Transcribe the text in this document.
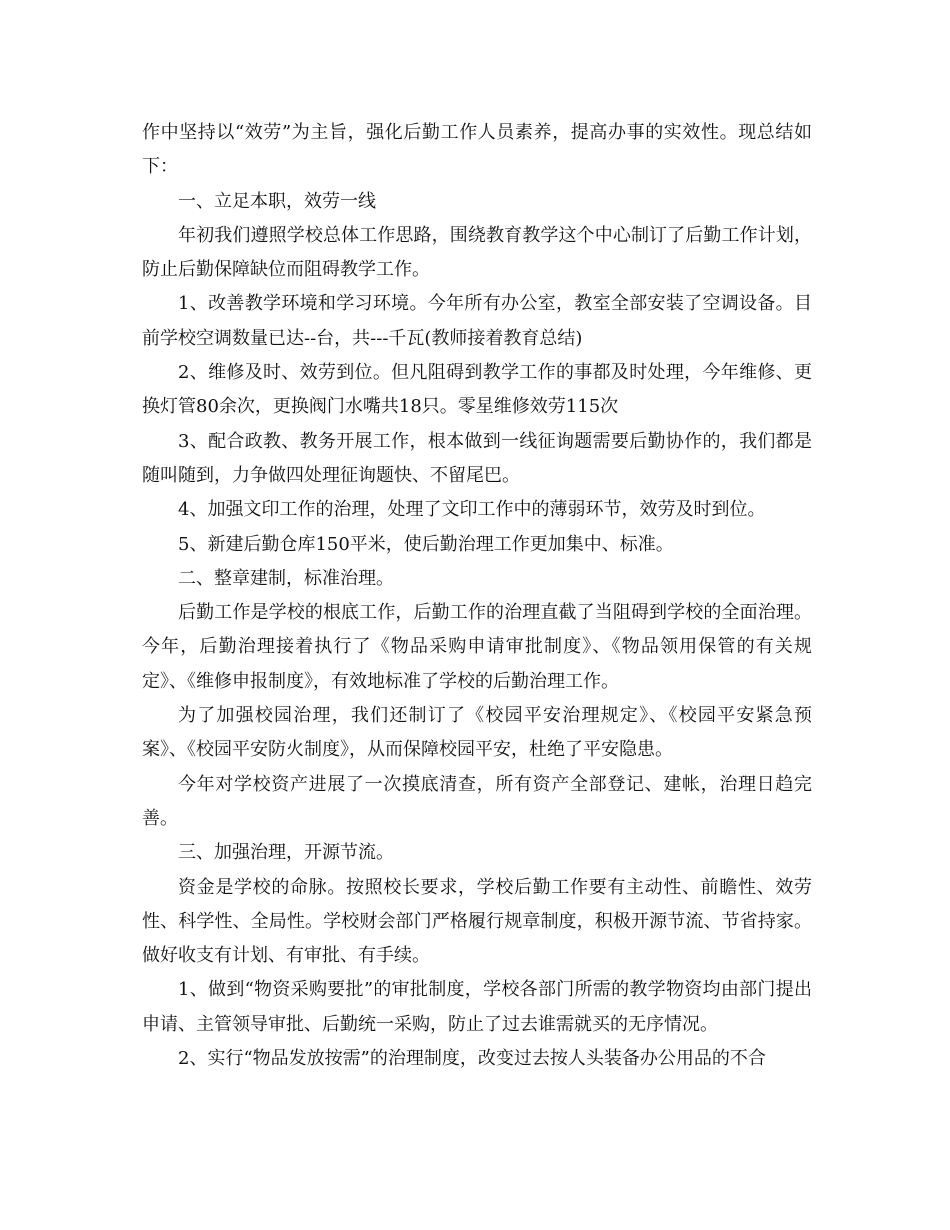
作中坚持以“效劳”为主旨，强化后勤工作人员素养，提高办事的实效性。现总结如下：

一、立足本职，效劳一线

年初我们遵照学校总体工作思路，围绕教育教学这个中心制订了后勤工作计划，防止后勤保障缺位而阻碍教学工作。

1、改善教学环境和学习环境。今年所有办公室，教室全部安装了空调设备。目前学校空调数量已达--台，共---千瓦(教师接着教育总结)

2、维修及时、效劳到位。但凡阻碍到教学工作的事都及时处理，今年维修、更换灯管80余次，更换阀门水嘴共18只。零星维修效劳115次

3、配合政教、教务开展工作，根本做到一线征询题需要后勤协作的，我们都是随叫随到，力争做四处理征询题快、不留尾巴。

4、加强文印工作的治理，处理了文印工作中的薄弱环节，效劳及时到位。

5、新建后勤仓库150平米，使后勤治理工作更加集中、标准。

二、整章建制，标准治理。

后勤工作是学校的根底工作，后勤工作的治理直截了当阻碍到学校的全面治理。今年，后勤治理接着执行了《物品采购申请审批制度》、《物品领用保管的有关规定》、《维修申报制度》，有效地标准了学校的后勤治理工作。

为了加强校园治理，我们还制订了《校园平安治理规定》、《校园平安紧急预案》、《校园平安防火制度》，从而保障校园平安，杜绝了平安隐患。

今年对学校资产进展了一次摸底清查，所有资产全部登记、建帐，治理日趋完善。

三、加强治理，开源节流。

资金是学校的命脉。按照校长要求，学校后勤工作要有主动性、前瞻性、效劳性、科学性、全局性。学校财会部门严格履行规章制度，积极开源节流、节省持家。做好收支有计划、有审批、有手续。

1、做到“物资采购要批”的审批制度，学校各部门所需的教学物资均由部门提出申请、主管领导审批、后勤统一采购，防止了过去谁需就买的无序情况。

2、实行“物品发放按需”的治理制度，改变过去按人头装备办公用品的不合
